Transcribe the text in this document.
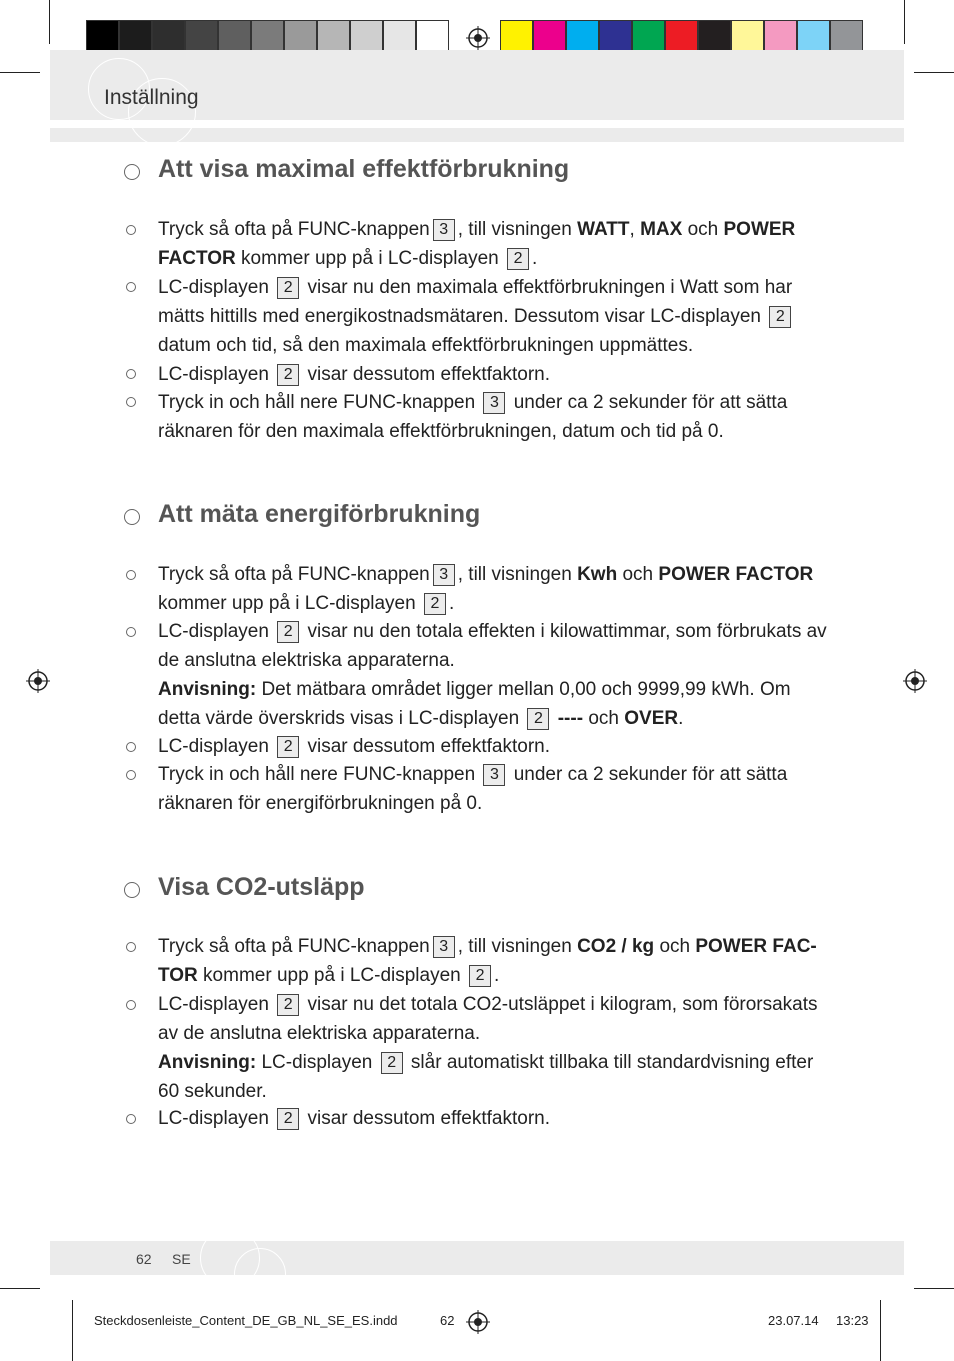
Inställning
Att visa maximal effektförbrukning
Tryck så ofta på FUNC-knappen 3 , till visningen WATT, MAX och POWER FACTOR kommer upp på i LC-displayen 2 .
LC-displayen 2 visar nu den maximala effektförbrukningen i Watt som har mätts hittills med energikostnadsmätaren. Dessutom visar LC-displayen 2 datum och tid, så den maximala effektförbrukningen uppmättes.
LC-displayen 2 visar dessutom effektfaktorn.
Tryck in och håll nere FUNC-knappen 3 under ca 2 sekunder för att sätta räknaren för den maximala effektförbrukningen, datum och tid på 0.
Att mäta energiförbrukning
Tryck så ofta på FUNC-knappen 3 , till visningen Kwh och POWER FACTOR kommer upp på i LC-displayen 2 .
LC-displayen 2 visar nu den totala effekten i kilowattimmar, som förbrukats av de anslutna elektriska apparaterna.
Anvisning: Det mätbara området ligger mellan 0,00 och 9999,99 kWh. Om detta värde överskrids visas i LC-displayen 2 ---- och OVER.
LC-displayen 2 visar dessutom effektfaktorn.
Tryck in och håll nere FUNC-knappen 3 under ca 2 sekunder för att sätta räknaren för energiförbrukningen på 0.
Visa CO2-utsläpp
Tryck så ofta på FUNC-knappen 3 , till visningen CO2 / kg och POWER FAC-TOR kommer upp på i LC-displayen 2 .
LC-displayen 2 visar nu det totala CO2-utsläppet i kilogram, som förorsakats av de anslutna elektriska apparaterna.
Anvisning: LC-displayen 2 slår automatiskt tillbaka till standardvisning efter 60 sekunder.
LC-displayen 2 visar dessutom effektfaktorn.
62 SE
Steckdosenleiste_Content_DE_GB_NL_SE_ES.indd	62	23.07.14 13:23
